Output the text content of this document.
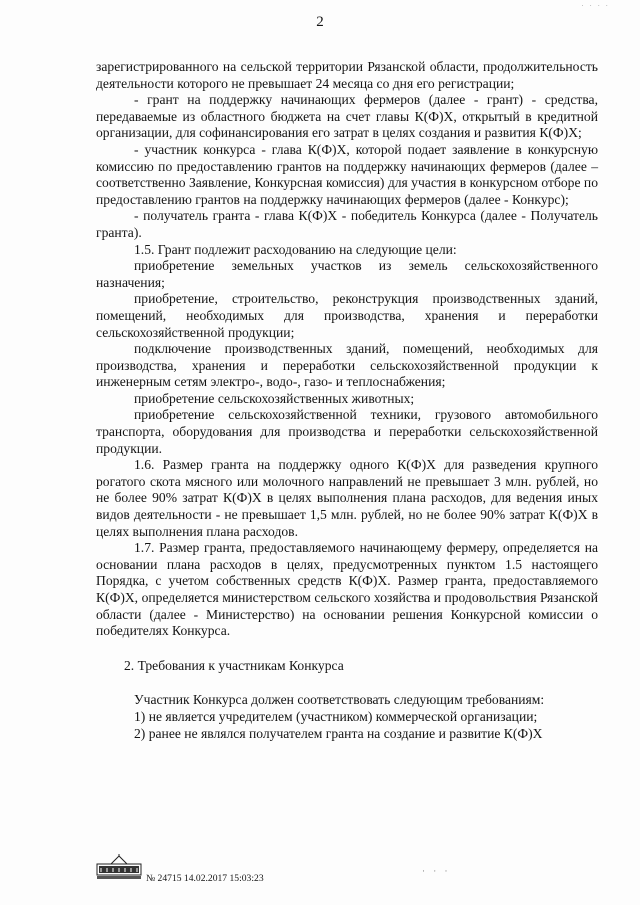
· · · ·
2

зарегистрированного на сельской территории Рязанской области, продолжительность деятельности которого не превышает 24 месяца со дня его регистрации;

- грант на поддержку начинающих фермеров (далее - грант) - средства, передаваемые из областного бюджета на счет главы К(Ф)Х, открытый в кредитной организации, для софинансирования его затрат в целях создания и развития К(Ф)Х;

- участник конкурса - глава К(Ф)Х, которой подает заявление в конкурсную комиссию по предоставлению грантов на поддержку начинающих фермеров (далее – соответственно Заявление, Конкурсная комиссия) для участия в конкурсном отборе по предоставлению грантов на поддержку начинающих фермеров (далее - Конкурс);

- получатель гранта - глава К(Ф)Х - победитель Конкурса (далее - Получатель гранта).

1.5. Грант подлежит расходованию на следующие цели:

приобретение земельных участков из земель сельскохозяйственного назначения;

приобретение, строительство, реконструкция производственных зданий, помещений, необходимых для производства, хранения и переработки сельскохозяйственной продукции;

подключение производственных зданий, помещений, необходимых для производства, хранения и переработки сельскохозяйственной продукции к инженерным сетям электро-, водо-, газо- и теплоснабжения;

приобретение сельскохозяйственных животных;

приобретение сельскохозяйственной техники, грузового автомобильного транспорта, оборудования для производства и переработки сельскохозяйственной продукции.

1.6. Размер гранта на поддержку одного К(Ф)Х для разведения крупного рогатого скота мясного или молочного направлений не превышает 3 млн. рублей, но не более 90% затрат К(Ф)Х в целях выполнения плана расходов, для ведения иных видов деятельности - не превышает 1,5 млн. рублей, но не более 90% затрат К(Ф)Х в целях выполнения плана расходов.

1.7. Размер гранта, предоставляемого начинающему фермеру, определяется на основании плана расходов в целях, предусмотренных пунктом 1.5 настоящего Порядка, с учетом собственных средств К(Ф)Х. Размер гранта, предоставляемого К(Ф)Х, определяется министерством сельского хозяйства и продовольствия Рязанской области (далее - Министерство) на основании решения Конкурсной комиссии о победителях Конкурса.

2. Требования к участникам Конкурса

Участник Конкурса должен соответствовать следующим требованиям:

1) не является учредителем (участником) коммерческой организации;

2) ранее не являлся получателем гранта на создание и развитие К(Ф)Х

№ 24715 14.02.2017 15:03:23
· · ·
